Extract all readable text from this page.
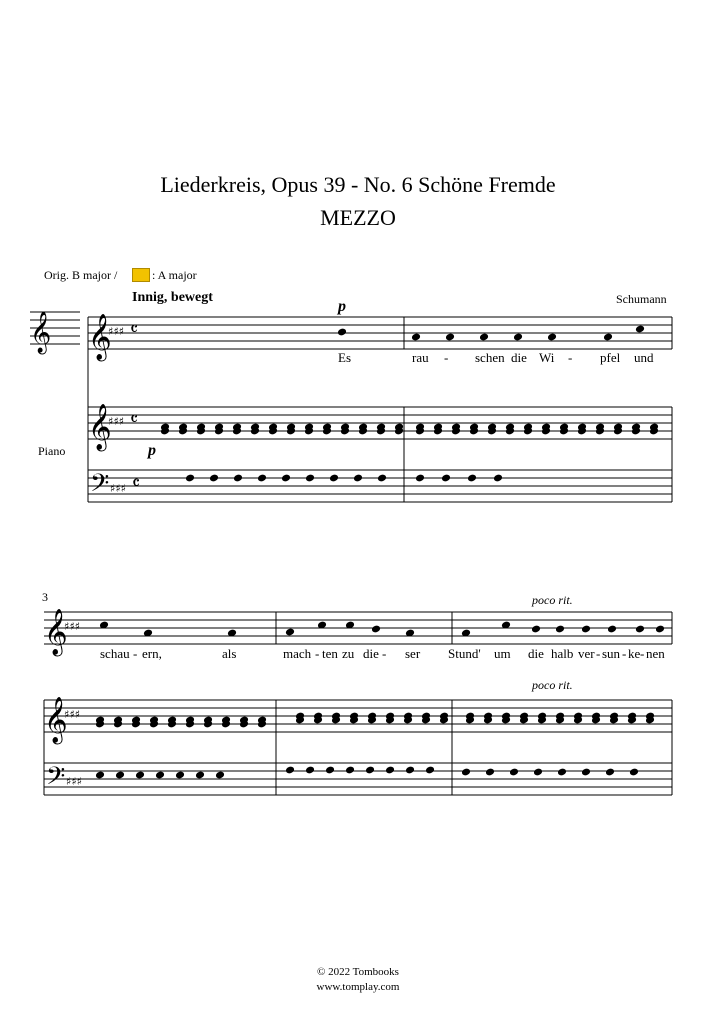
Liederkreis, Opus 39 - No. 6 Schöne Fremde
MEZZO
Orig. B major /	: A major
Innig, bewegt	Schumann
Piano
3
p
p
poco rit.
poco rit.
𝄞
𝄞
𝄢
𝄞
𝄞
𝄢
𝄞	♯♯♯
♯♯♯
♯♯♯
♯♯♯
♯♯♯
♯♯♯
𝄴
𝄴
𝄴
Es	rau - schen die Wi - pfel und
schau - ern,	als	mach - ten zu die - ser Stund' um die halb ver - sun - ke - nen
© 2022 Tombooks
www.tomplay.com
